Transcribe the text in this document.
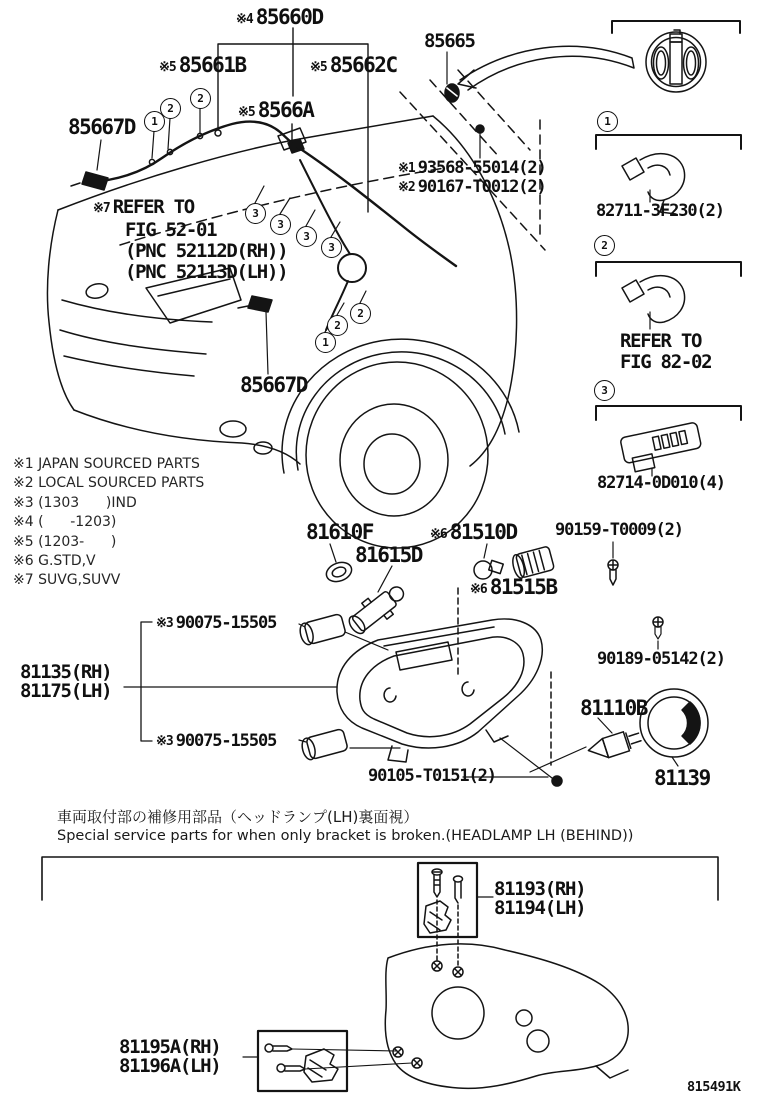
1
2
2
3
3
3
3
1
2
2
1
2
3
※4 85660D
※5 85661B	※5 85662C
85665
※5 8566A
85667D
※1 93568-55014(2)
※2 90167-T0012(2)
※7 REFER TO
FIG 52-01
(PNC 52112D(RH))
(PNC 52113D(LH))
85667D
82711-3F230(2)
REFER TO
FIG 82-02
82714-0D010(4)
※1 JAPAN SOURCED PARTS
※2 LOCAL SOURCED PARTS
※3 (1303      )IND
※4 (      -1203)
※5 (1203-      )
※6 G.STD,V
※7 SUVG,SUVV
81610F
81615D
※6 81510D 90159-T0009(2)
※6 81515B
※3 90075-15505
81135(RH)
81175(LH)
※3 90075-15505
90189-05142(2)
81110B
90105-T0151(2)	81139
車両取付部の補修用部品（ヘッドランプ(LH)裏面視）
Special service parts for when only bracket is broken.(HEADLAMP LH (BEHIND))
81193(RH)
81194(LH)
81195A(RH)
81196A(LH)
815491K
